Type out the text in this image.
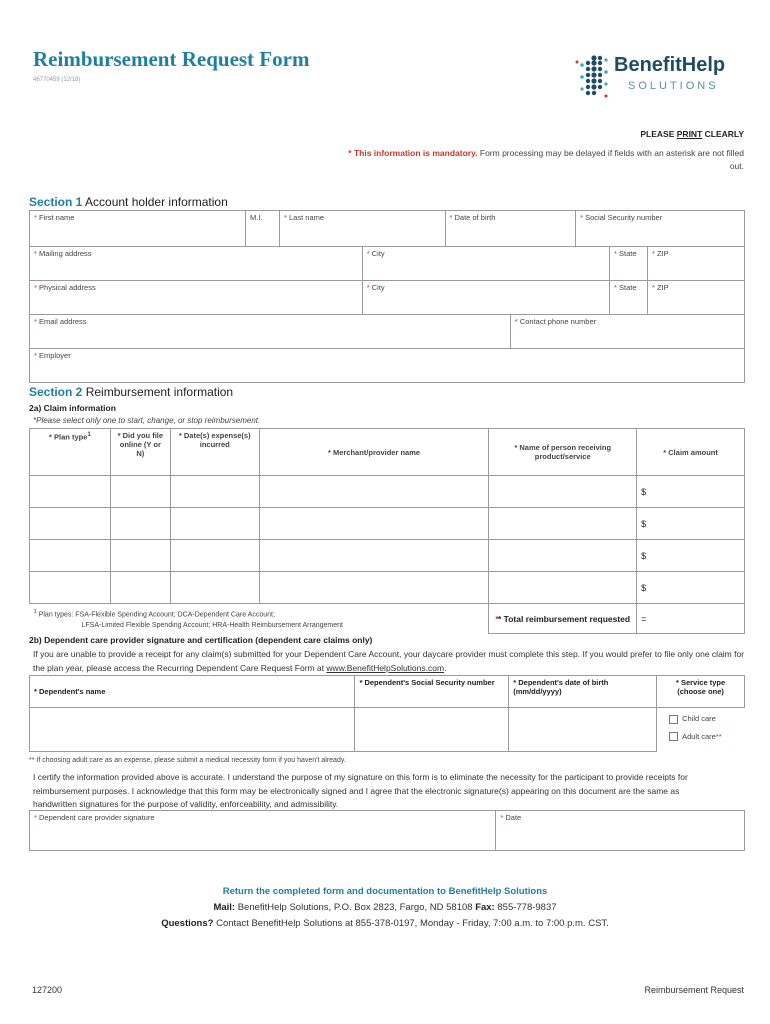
Reimbursement Request Form
46770459 (12/18)
BenefitHelp
SOLUTIONS
PLEASE PRINT CLEARLY
* This information is mandatory. Form processing may be delayed if fields with an asterisk are not filled out.
Section 1 Account holder information
* First name	M.I.	* Last name		* Date of birth		* Social Security number		
* Mailing address			* City				* State	* ZIP
* Physical address			* City				* State	* ZIP
* Email address					* Contact phone number			
* Employer								
Section 2 Reimbursement information
2a) Claim information
*Please select only one to start, change, or stop reimbursement.
* Plan type$^1$	* Did you file online (Y or N)	* Date(s) expense(s) incurred	* Merchant/provider name	* Name of person receiving product/service	* Claim amount
					$
					$
					$
					$

$^1$ Plan types: FSA-Flexible Spending Account; DCA-Dependent Care Account;
LFSA-Limited Flexible Spending Account; HRA-Health Reimbursement Arrangement				* * Total reimbursement requested	=
2b) Dependent care provider signature and certification (dependent care claims only)
If you are unable to provide a receipt for any claim(s) submitted for your Dependent Care Account, your daycare provider must complete this step. If you would prefer to file only one claim for the plan year, please access the Recurring Dependent Care Request Form at www.BenefitHelpSolutions.com.
* Dependent's name	* Dependent's Social Security number	* Dependent's date of birth (mm/dd/yyyy)	* Service type (choose one)

			Child care
Adult care**
** If choosing adult care as an expense, please submit a medical necessity form if you haven't already.
I certify the information provided above is accurate. I understand the purpose of my signature on this form is to eliminate the necessity for the participant to provide receipts for reimbursement purposes. I acknowledge that this form may be electronically signed and I agree that the electronic signature(s) appearing on this document are the same as handwritten signatures for the purpose of validity, enforceability, and admissibility.
* Dependent care provider signature	* Date
Return the completed form and documentation to BenefitHelp Solutions
Mail: BenefitHelp Solutions, P.O. Box 2823, Fargo, ND 58108 Fax: 855-778-9837
Questions? Contact BenefitHelp Solutions at 855-378-0197, Monday - Friday, 7:00 a.m. to 7:00 p.m. CST.
127200	Reimbursement Request
